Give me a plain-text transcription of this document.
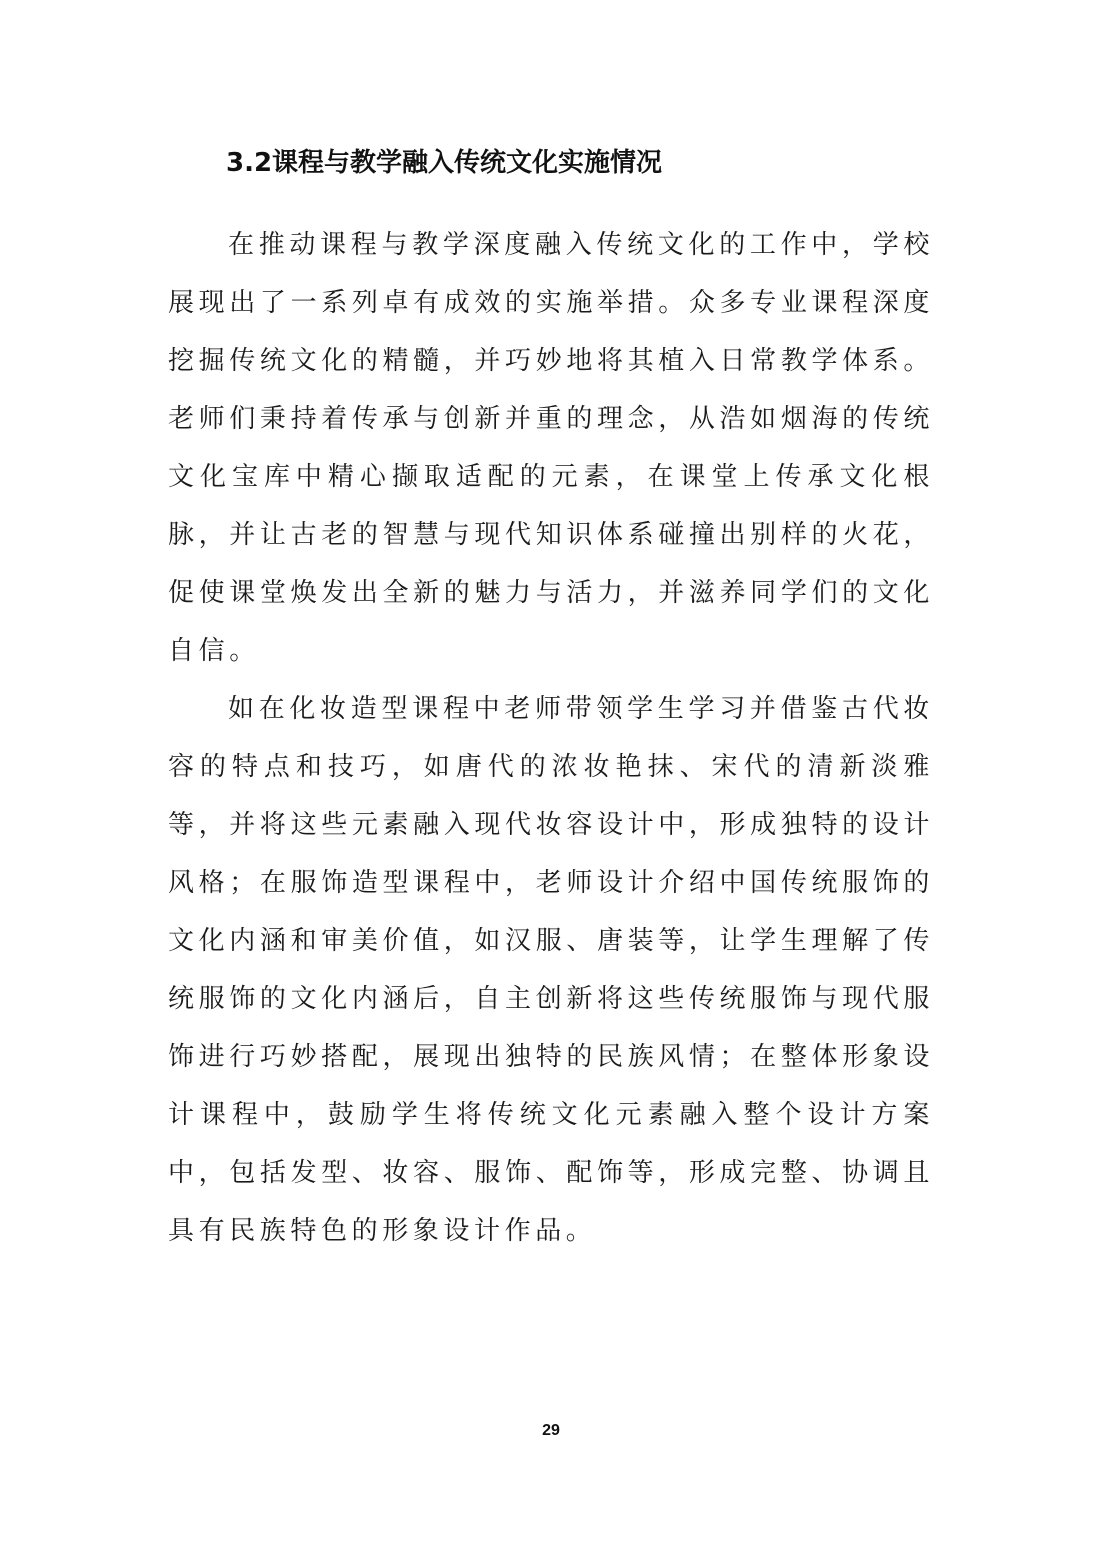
3.2课程与教学融入传统文化实施情况

在推动课程与教学深度融入传统文化的工作中，学校展现出了一系列卓有成效的实施举措。众多专业课程深度挖掘传统文化的精髓，并巧妙地将其植入日常教学体系。老师们秉持着传承与创新并重的理念，从浩如烟海的传统文化宝库中精心撷取适配的元素，在课堂上传承文化根脉，并让古老的智慧与现代知识体系碰撞出别样的火花，促使课堂焕发出全新的魅力与活力，并滋养同学们的文化自信。

如在化妆造型课程中老师带领学生学习并借鉴古代妆容的特点和技巧，如唐代的浓妆艳抹、宋代的清新淡雅等，并将这些元素融入现代妆容设计中，形成独特的设计风格；在服饰造型课程中，老师设计介绍中国传统服饰的文化内涵和审美价值，如汉服、唐装等，让学生理解了传统服饰的文化内涵后，自主创新将这些传统服饰与现代服饰进行巧妙搭配，展现出独特的民族风情；在整体形象设计课程中，鼓励学生将传统文化元素融入整个设计方案中，包括发型、妆容、服饰、配饰等，形成完整、协调且具有民族特色的形象设计作品。

29
